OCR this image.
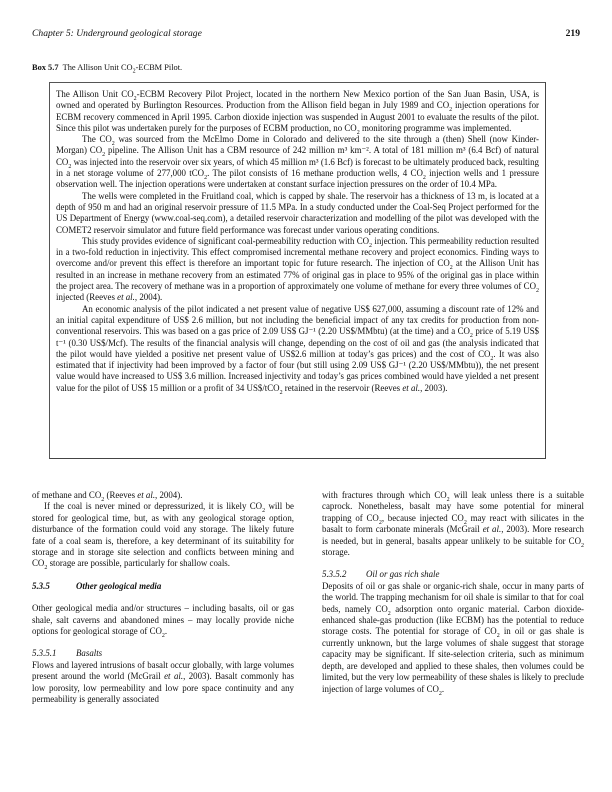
Chapter 5: Underground geological storage	219
Box 5.7 The Allison Unit $CO_2$-ECBM Pilot.

The Allison Unit $CO_2$-ECBM Recovery Pilot Project, located in the northern New Mexico portion of the San Juan Basin, USA, is owned and operated by Burlington Resources. Production from the Allison field began in July 1989 and $CO_2$ injection operations for ECBM recovery commenced in April 1995. Carbon dioxide injection was suspended in August 2001 to evaluate the results of the pilot. Since this pilot was undertaken purely for the purposes of ECBM production, no $CO_2$ monitoring programme was implemented.

The $CO_2$ was sourced from the McElmo Dome in Colorado and delivered to the site through a (then) Shell (now Kinder-Morgan) $CO_2$ pipeline. The Allison Unit has a CBM resource of 242 million m³ km⁻². A total of 181 million m³ (6.4 Bcf) of natural $CO_2$ was injected into the reservoir over six years, of which 45 million m³ (1.6 Bcf) is forecast to be ultimately produced back, resulting in a net storage volume of 277,000 tCO$_2$. The pilot consists of 16 methane production wells, 4 $CO_2$ injection wells and 1 pressure observation well. The injection operations were undertaken at constant surface injection pressures on the order of 10.4 MPa.

The wells were completed in the Fruitland coal, which is capped by shale. The reservoir has a thickness of 13 m, is located at a depth of 950 m and had an original reservoir pressure of 11.5 MPa. In a study conducted under the Coal-Seq Project performed for the US Department of Energy (www.coal-seq.com), a detailed reservoir characterization and modelling of the pilot was developed with the COMET2 reservoir simulator and future field performance was forecast under various operating conditions.

This study provides evidence of significant coal-permeability reduction with $CO_2$ injection. This permeability reduction resulted in a two-fold reduction in injectivity. This effect compromised incremental methane recovery and project economics. Finding ways to overcome and/or prevent this effect is therefore an important topic for future research. The injection of $CO_2$ at the Allison Unit has resulted in an increase in methane recovery from an estimated 77% of original gas in place to 95% of the original gas in place within the project area. The recovery of methane was in a proportion of approximately one volume of methane for every three volumes of $CO_2$ injected (Reeves et al., 2004).

An economic analysis of the pilot indicated a net present value of negative US$ 627,000, assuming a discount rate of 12% and an initial capital expenditure of US$ 2.6 million, but not including the beneficial impact of any tax credits for production from non-conventional reservoirs. This was based on a gas price of 2.09 US$ GJ⁻¹ (2.20 US$/MMbtu) (at the time) and a $CO_2$ price of 5.19 US$ t⁻¹ (0.30 US$/Mcf). The results of the financial analysis will change, depending on the cost of oil and gas (the analysis indicated that the pilot would have yielded a positive net present value of US$2.6 million at today’s gas prices) and the cost of $CO_2$. It was also estimated that if injectivity had been improved by a factor of four (but still using 2.09 US$ GJ⁻¹ (2.20 US$/MMbtu)), the net present value would have increased to US$ 3.6 million. Increased injectivity and today’s gas prices combined would have yielded a net present value for the pilot of US$ 15 million or a profit of 34 US$/tCO$_2$ retained in the reservoir (Reeves et al., 2003).

of methane and $CO_2$ (Reeves et al., 2004).

If the coal is never mined or depressurized, it is likely $CO_2$ will be stored for geological time, but, as with any geological storage option, disturbance of the formation could void any storage. The likely future fate of a coal seam is, therefore, a key determinant of its suitability for storage and in storage site selection and conflicts between mining and $CO_2$ storage are possible, particularly for shallow coals.

5.3.5	Other geological media

Other geological media and/or structures – including basalts, oil or gas shale, salt caverns and abandoned mines – may locally provide niche options for geological storage of $CO_2$.

5.3.5.1 Basalts

Flows and layered intrusions of basalt occur globally, with large volumes present around the world (McGrail et al., 2003). Basalt commonly has low porosity, low permeability and low pore space continuity and any permeability is generally associated

with fractures through which $CO_2$ will leak unless there is a suitable caprock. Nonetheless, basalt may have some potential for mineral trapping of $CO_2$, because injected $CO_2$ may react with silicates in the basalt to form carbonate minerals (McGrail et al., 2003). More research is needed, but in general, basalts appear unlikely to be suitable for $CO_2$ storage.

5.3.5.2 Oil or gas rich shale

Deposits of oil or gas shale or organic-rich shale, occur in many parts of the world. The trapping mechanism for oil shale is similar to that for coal beds, namely $CO_2$ adsorption onto organic material. Carbon dioxide-enhanced shale-gas production (like ECBM) has the potential to reduce storage costs. The potential for storage of $CO_2$ in oil or gas shale is currently unknown, but the large volumes of shale suggest that storage capacity may be significant. If site-selection criteria, such as minimum depth, are developed and applied to these shales, then volumes could be limited, but the very low permeability of these shales is likely to preclude injection of large volumes of $CO_2$.
